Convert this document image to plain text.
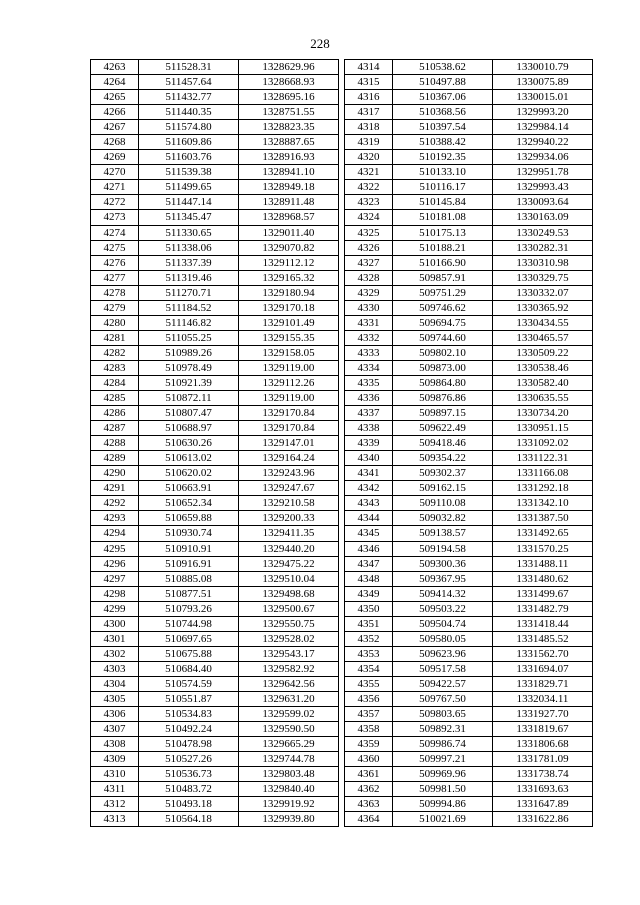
228
4263	511528.31	1328629.96
4264	511457.64	1328668.93
4265	511432.77	1328695.16
4266	511440.35	1328751.55
4267	511574.80	1328823.35
4268	511609.86	1328887.65
4269	511603.76	1328916.93
4270	511539.38	1328941.10
4271	511499.65	1328949.18
4272	511447.14	1328911.48
4273	511345.47	1328968.57
4274	511330.65	1329011.40
4275	511338.06	1329070.82
4276	511337.39	1329112.12
4277	511319.46	1329165.32
4278	511270.71	1329180.94
4279	511184.52	1329170.18
4280	511146.82	1329101.49
4281	511055.25	1329155.35
4282	510989.26	1329158.05
4283	510978.49	1329119.00
4284	510921.39	1329112.26
4285	510872.11	1329119.00
4286	510807.47	1329170.84
4287	510688.97	1329170.84
4288	510630.26	1329147.01
4289	510613.02	1329164.24
4290	510620.02	1329243.96
4291	510663.91	1329247.67
4292	510652.34	1329210.58
4293	510659.88	1329200.33
4294	510930.74	1329411.35
4295	510910.91	1329440.20
4296	510916.91	1329475.22
4297	510885.08	1329510.04
4298	510877.51	1329498.68
4299	510793.26	1329500.67
4300	510744.98	1329550.75
4301	510697.65	1329528.02
4302	510675.88	1329543.17
4303	510684.40	1329582.92
4304	510574.59	1329642.56
4305	510551.87	1329631.20
4306	510534.83	1329599.02
4307	510492.24	1329590.50
4308	510478.98	1329665.29
4309	510527.26	1329744.78
4310	510536.73	1329803.48
4311	510483.72	1329840.40
4312	510493.18	1329919.92
4313	510564.18	1329939.80
4314	510538.62	1330010.79
4315	510497.88	1330075.89
4316	510367.06	1330015.01
4317	510368.56	1329993.20
4318	510397.54	1329984.14
4319	510388.42	1329940.22
4320	510192.35	1329934.06
4321	510133.10	1329951.78
4322	510116.17	1329993.43
4323	510145.84	1330093.64
4324	510181.08	1330163.09
4325	510175.13	1330249.53
4326	510188.21	1330282.31
4327	510166.90	1330310.98
4328	509857.91	1330329.75
4329	509751.29	1330332.07
4330	509746.62	1330365.92
4331	509694.75	1330434.55
4332	509744.60	1330465.57
4333	509802.10	1330509.22
4334	509873.00	1330538.46
4335	509864.80	1330582.40
4336	509876.86	1330635.55
4337	509897.15	1330734.20
4338	509622.49	1330951.15
4339	509418.46	1331092.02
4340	509354.22	1331122.31
4341	509302.37	1331166.08
4342	509162.15	1331292.18
4343	509110.08	1331342.10
4344	509032.82	1331387.50
4345	509138.57	1331492.65
4346	509194.58	1331570.25
4347	509300.36	1331488.11
4348	509367.95	1331480.62
4349	509414.32	1331499.67
4350	509503.22	1331482.79
4351	509504.74	1331418.44
4352	509580.05	1331485.52
4353	509623.96	1331562.70
4354	509517.58	1331694.07
4355	509422.57	1331829.71
4356	509767.50	1332034.11
4357	509803.65	1331927.70
4358	509892.31	1331819.67
4359	509986.74	1331806.68
4360	509997.21	1331781.09
4361	509969.96	1331738.74
4362	509981.50	1331693.63
4363	509994.86	1331647.89
4364	510021.69	1331622.86
